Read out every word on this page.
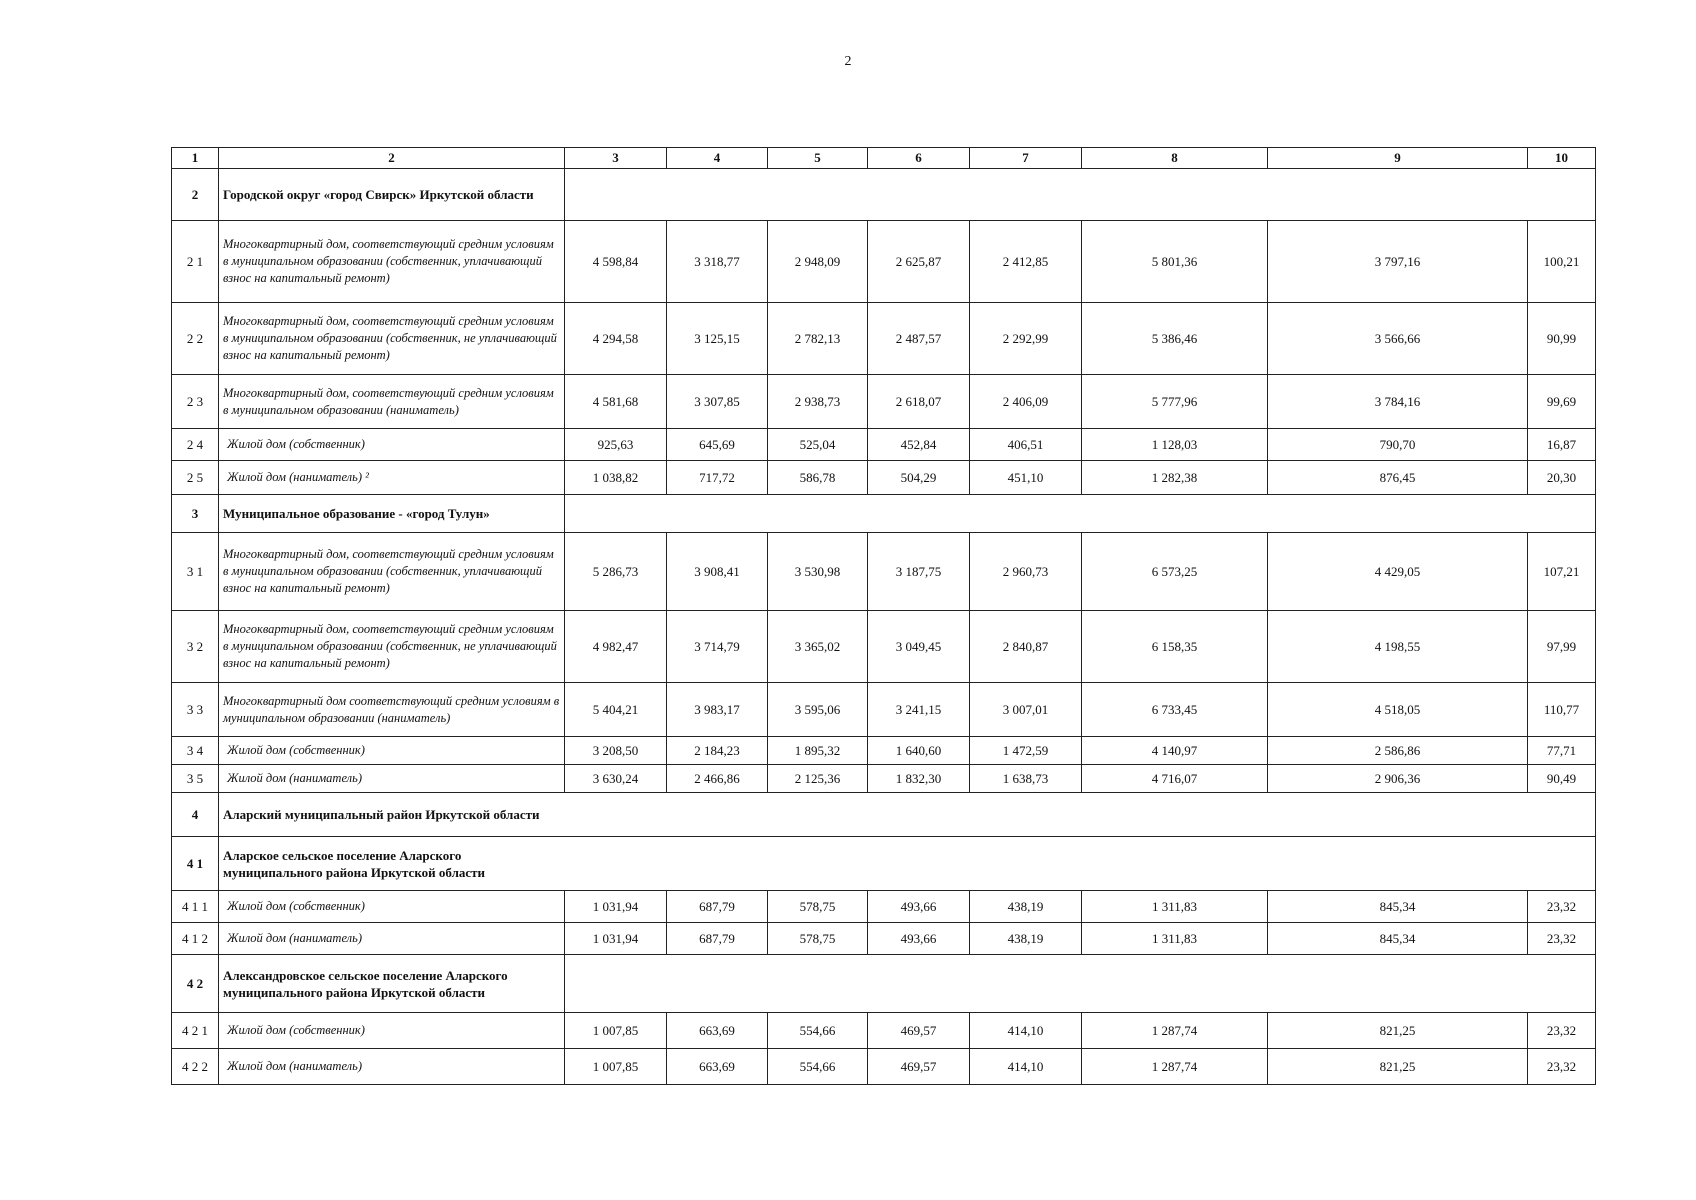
2
1	2	3	4	5	6	7	8	9	10
2	Городской округ «город Свирск» Иркутской области								
2 1	Многоквартирный дом, соответствующий средним условиям в муниципальном образовании (собственник, уплачивающий взнос на капитальный ремонт)	4 598,84	3 318,77	2 948,09	2 625,87	2 412,85	5 801,36	3 797,16	100,21
2 2	Многоквартирный дом, соответствующий средним условиям в муниципальном образовании (собственник, не уплачивающий взнос на капитальный ремонт)	4 294,58	3 125,15	2 782,13	2 487,57	2 292,99	5 386,46	3 566,66	90,99
2 3	Многоквартирный дом, соответствующий средним условиям в муниципальном образовании (наниматель)	4 581,68	3 307,85	2 938,73	2 618,07	2 406,09	5 777,96	3 784,16	99,69
2 4	Жилой дом (собственник)	925,63	645,69	525,04	452,84	406,51	1 128,03	790,70	16,87
2 5	Жилой дом (наниматель) ²	1 038,82	717,72	586,78	504,29	451,10	1 282,38	876,45	20,30
3	Муниципальное образование - «город Тулун»								
3 1	Многоквартирный дом, соответствующий средним условиям в муниципальном образовании (собственник, уплачивающий взнос на капитальный ремонт)	5 286,73	3 908,41	3 530,98	3 187,75	2 960,73	6 573,25	4 429,05	107,21
3 2	Многоквартирный дом, соответствующий средним условиям в муниципальном образовании (собственник, не уплачивающий взнос на капитальный ремонт)	4 982,47	3 714,79	3 365,02	3 049,45	2 840,87	6 158,35	4 198,55	97,99
3 3	Многоквартирный дом соответствующий средним условиям в муниципальном образовании (наниматель)	5 404,21	3 983,17	3 595,06	3 241,15	3 007,01	6 733,45	4 518,05	110,77
3 4	Жилой дом (собственник)	3 208,50	2 184,23	1 895,32	1 640,60	1 472,59	4 140,97	2 586,86	77,71
3 5	Жилой дом (наниматель)	3 630,24	2 466,86	2 125,36	1 832,30	1 638,73	4 716,07	2 906,36	90,49
4	Аларский муниципальный район Иркутской области								
4 1	Аларское сельское поселение Аларского муниципального района Иркутской области								
4 1 1	Жилой дом (собственник)	1 031,94	687,79	578,75	493,66	438,19	1 311,83	845,34	23,32
4 1 2	Жилой дом (наниматель)	1 031,94	687,79	578,75	493,66	438,19	1 311,83	845,34	23,32
4 2	Александровское сельское поселение Аларского муниципального района Иркутской области								
4 2 1	Жилой дом (собственник)	1 007,85	663,69	554,66	469,57	414,10	1 287,74	821,25	23,32
4 2 2	Жилой дом (наниматель)	1 007,85	663,69	554,66	469,57	414,10	1 287,74	821,25	23,32
